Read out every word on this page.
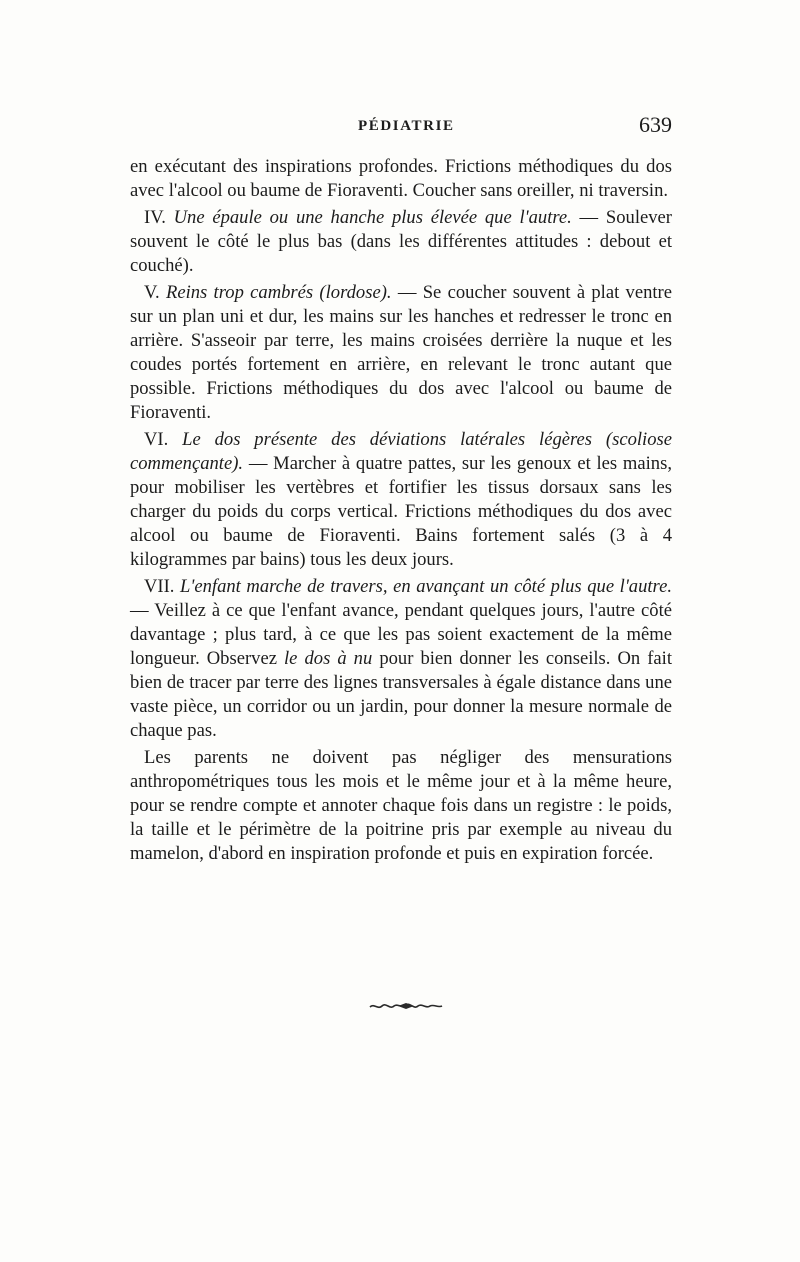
PÉDIATRIE	639

en exécutant des inspirations profondes. Frictions méthodiques du dos avec l'alcool ou baume de Fioraventi. Coucher sans oreiller, ni traversin.

IV. Une épaule ou une hanche plus élevée que l'autre. — Soulever souvent le côté le plus bas (dans les différentes attitudes : debout et couché).

V. Reins trop cambrés (lordose). — Se coucher souvent à plat ventre sur un plan uni et dur, les mains sur les hanches et redresser le tronc en arrière. S'asseoir par terre, les mains croisées derrière la nuque et les coudes portés fortement en arrière, en relevant le tronc autant que possible. Frictions méthodiques du dos avec l'alcool ou baume de Fioraventi.

VI. Le dos présente des déviations latérales légères (scoliose commençante). — Marcher à quatre pattes, sur les genoux et les mains, pour mobiliser les vertèbres et fortifier les tissus dorsaux sans les charger du poids du corps vertical. Frictions méthodiques du dos avec alcool ou baume de Fioraventi. Bains fortement salés (3 à 4 kilogrammes par bains) tous les deux jours.

VII. L'enfant marche de travers, en avançant un côté plus que l'autre. — Veillez à ce que l'enfant avance, pendant quelques jours, l'autre côté davantage ; plus tard, à ce que les pas soient exactement de la même longueur. Observez le dos à nu pour bien donner les conseils. On fait bien de tracer par terre des lignes transversales à égale distance dans une vaste pièce, un corridor ou un jardin, pour donner la mesure normale de chaque pas.

Les parents ne doivent pas négliger des mensurations anthropométriques tous les mois et le même jour et à la même heure, pour se rendre compte et annoter chaque fois dans un registre : le poids, la taille et le périmètre de la poitrine pris par exemple au niveau du mamelon, d'abord en inspiration profonde et puis en expiration forcée.
